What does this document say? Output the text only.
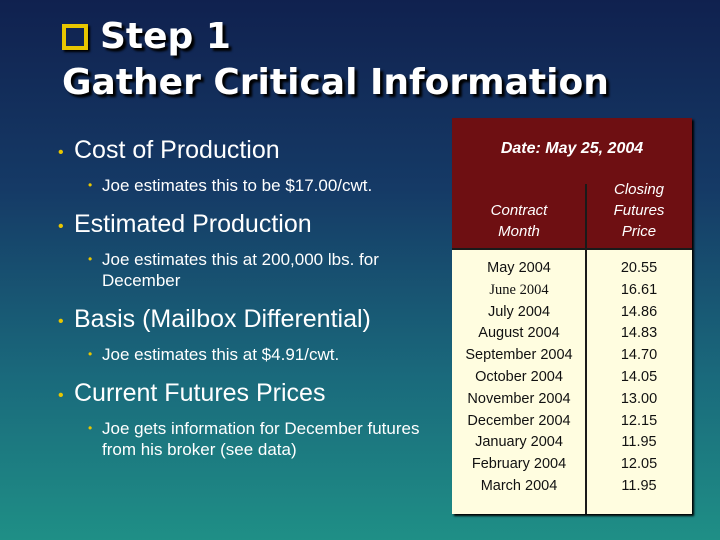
Step 1
Gather Critical Information
• Cost of Production
• Joe estimates this to be $17.00/cwt.
• Estimated Production
• Joe estimates this at 200,000 lbs. for December
• Basis (Mailbox Differential)
• Joe estimates this at $4.91/cwt.
• Current Futures Prices
• Joe gets information for December futures from his broker (see data)
Date: May 25, 2004
Contract
Month
Closing
Futures
Price
May 2004
June 2004
July 2004
August 2004
September 2004
October 2004
November 2004
December 2004
January 2004
February 2004
March 2004
20.55
16.61
14.86
14.83
14.70
14.05
13.00
12.15
11.95
12.05
11.95
